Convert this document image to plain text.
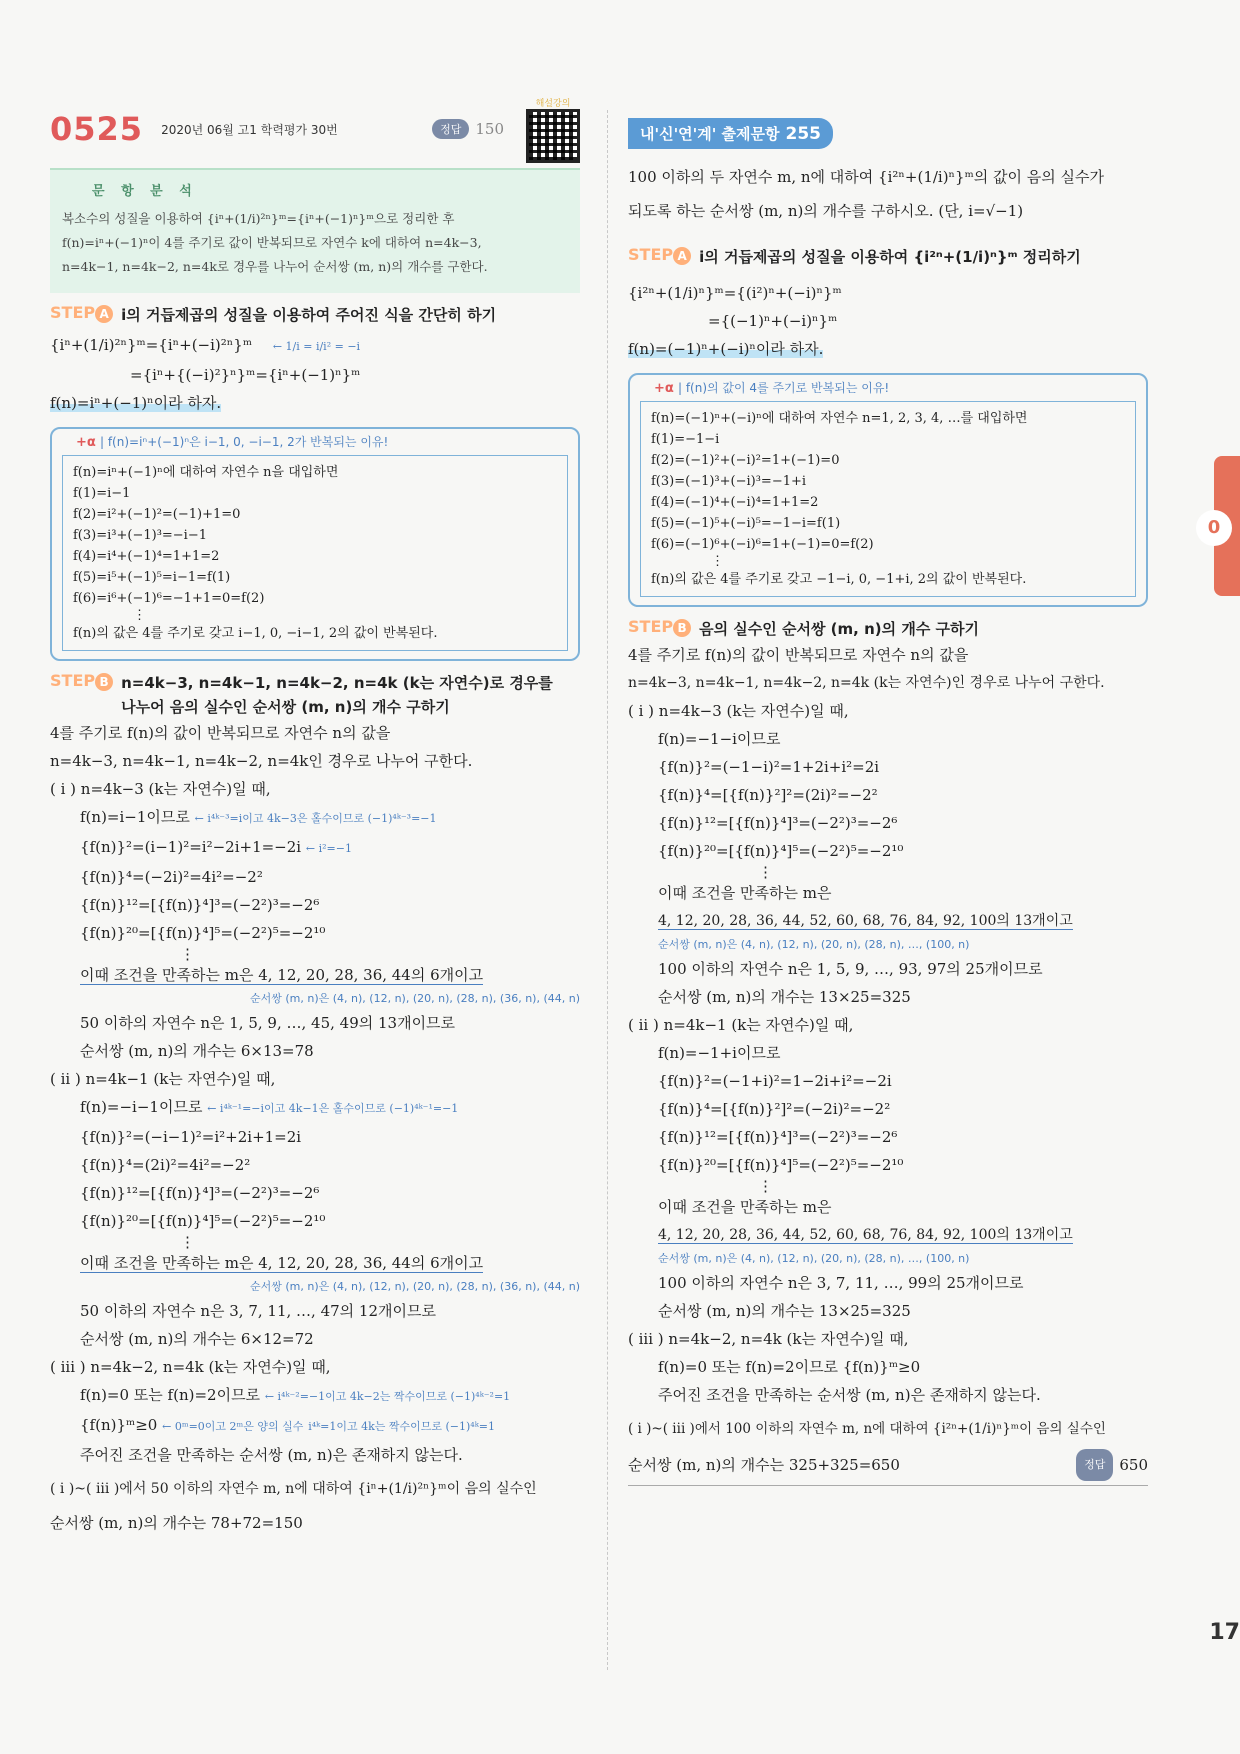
0525 2020년 06월 고1 학력평가 30번	정답 150
해설강의
문 항 분 석
복소수의 성질을 이용하여 {iⁿ+(1/i)²ⁿ}ᵐ={iⁿ+(−1)ⁿ}ᵐ으로 정리한 후
f(n)=iⁿ+(−1)ⁿ이 4를 주기로 값이 반복되므로 자연수 k에 대하여 n=4k−3,
n=4k−1, n=4k−2, n=4k로 경우를 나누어 순서쌍 (m, n)의 개수를 구한다.
STEP A i의 거듭제곱의 성질을 이용하여 주어진 식을 간단히 하기
{iⁿ+(1/i)²ⁿ}ᵐ={iⁿ+(−i)²ⁿ}ᵐ ← 1/i = i/i² = −i
={iⁿ+{(−i)²}ⁿ}ᵐ={iⁿ+(−1)ⁿ}ᵐ
f(n)=iⁿ+(−1)ⁿ이라 하자.
+α | f(n)=iⁿ+(−1)ⁿ은 i−1, 0, −i−1, 2가 반복되는 이유!
f(n)=iⁿ+(−1)ⁿ에 대하여 자연수 n을 대입하면
f(1)=i−1
f(2)=i²+(−1)²=(−1)+1=0
f(3)=i³+(−1)³=−i−1
f(4)=i⁴+(−1)⁴=1+1=2
f(5)=i⁵+(−1)⁵=i−1=f(1)
f(6)=i⁶+(−1)⁶=−1+1=0=f(2)
⋮
f(n)의 값은 4를 주기로 갖고 i−1, 0, −i−1, 2의 값이 반복된다.
STEP B n=4k−3, n=4k−1, n=4k−2, n=4k (k는 자연수)로 경우를
나누어 음의 실수인 순서쌍 (m, n)의 개수 구하기
4를 주기로 f(n)의 값이 반복되므로 자연수 n의 값을
n=4k−3, n=4k−1, n=4k−2, n=4k인 경우로 나누어 구한다.
( i ) n=4k−3 (k는 자연수)일 때,
f(n)=i−1이므로 ← i⁴ᵏ⁻³=i이고 4k−3은 홀수이므로 (−1)⁴ᵏ⁻³=−1
{f(n)}²=(i−1)²=i²−2i+1=−2i ← i²=−1
{f(n)}⁴=(−2i)²=4i²=−2²
{f(n)}¹²=[{f(n)}⁴]³=(−2²)³=−2⁶
{f(n)}²⁰=[{f(n)}⁴]⁵=(−2²)⁵=−2¹⁰
⋮
이때 조건을 만족하는 m은 4, 12, 20, 28, 36, 44의 6개이고
순서쌍 (m, n)은 (4, n), (12, n), (20, n), (28, n), (36, n), (44, n)
50 이하의 자연수 n은 1, 5, 9, …, 45, 49의 13개이므로
순서쌍 (m, n)의 개수는 6×13=78
( ii ) n=4k−1 (k는 자연수)일 때,
f(n)=−i−1이므로 ← i⁴ᵏ⁻¹=−i이고 4k−1은 홀수이므로 (−1)⁴ᵏ⁻¹=−1
{f(n)}²=(−i−1)²=i²+2i+1=2i
{f(n)}⁴=(2i)²=4i²=−2²
{f(n)}¹²=[{f(n)}⁴]³=(−2²)³=−2⁶
{f(n)}²⁰=[{f(n)}⁴]⁵=(−2²)⁵=−2¹⁰
⋮
이때 조건을 만족하는 m은 4, 12, 20, 28, 36, 44의 6개이고
순서쌍 (m, n)은 (4, n), (12, n), (20, n), (28, n), (36, n), (44, n)
50 이하의 자연수 n은 3, 7, 11, …, 47의 12개이므로
순서쌍 (m, n)의 개수는 6×12=72
( iii ) n=4k−2, n=4k (k는 자연수)일 때,
f(n)=0 또는 f(n)=2이므로 ← i⁴ᵏ⁻²=−1이고 4k−2는 짝수이므로 (−1)⁴ᵏ⁻²=1
{f(n)}ᵐ≥0 ← 0ᵐ=0이고 2ᵐ은 양의 실수 i⁴ᵏ=1이고 4k는 짝수이므로 (−1)⁴ᵏ=1
주어진 조건을 만족하는 순서쌍 (m, n)은 존재하지 않는다.
( i )~( iii )에서 50 이하의 자연수 m, n에 대하여 {iⁿ+(1/i)²ⁿ}ᵐ이 음의 실수인
순서쌍 (m, n)의 개수는 78+72=150
내'신'연'계' 출제문항 255
100 이하의 두 자연수 m, n에 대하여 {i²ⁿ+(1/i)ⁿ}ᵐ의 값이 음의 실수가
되도록 하는 순서쌍 (m, n)의 개수를 구하시오. (단, i=√−1)
STEP A i의 거듭제곱의 성질을 이용하여 {i²ⁿ+(1/i)ⁿ}ᵐ 정리하기
{i²ⁿ+(1/i)ⁿ}ᵐ={(i²)ⁿ+(−i)ⁿ}ᵐ
={(−1)ⁿ+(−i)ⁿ}ᵐ
f(n)=(−1)ⁿ+(−i)ⁿ이라 하자.
+α | f(n)의 값이 4를 주기로 반복되는 이유!
f(n)=(−1)ⁿ+(−i)ⁿ에 대하여 자연수 n=1, 2, 3, 4, …를 대입하면
f(1)=−1−i
f(2)=(−1)²+(−i)²=1+(−1)=0
f(3)=(−1)³+(−i)³=−1+i
f(4)=(−1)⁴+(−i)⁴=1+1=2
f(5)=(−1)⁵+(−i)⁵=−1−i=f(1)
f(6)=(−1)⁶+(−i)⁶=1+(−1)=0=f(2)
⋮
f(n)의 값은 4를 주기로 갖고 −1−i, 0, −1+i, 2의 값이 반복된다.
STEP B 음의 실수인 순서쌍 (m, n)의 개수 구하기
4를 주기로 f(n)의 값이 반복되므로 자연수 n의 값을
n=4k−3, n=4k−1, n=4k−2, n=4k (k는 자연수)인 경우로 나누어 구한다.
( i ) n=4k−3 (k는 자연수)일 때,
f(n)=−1−i이므로
{f(n)}²=(−1−i)²=1+2i+i²=2i
{f(n)}⁴=[{f(n)}²]²=(2i)²=−2²
{f(n)}¹²=[{f(n)}⁴]³=(−2²)³=−2⁶
{f(n)}²⁰=[{f(n)}⁴]⁵=(−2²)⁵=−2¹⁰
⋮
이때 조건을 만족하는 m은
4, 12, 20, 28, 36, 44, 52, 60, 68, 76, 84, 92, 100의 13개이고
순서쌍 (m, n)은 (4, n), (12, n), (20, n), (28, n), …, (100, n)
100 이하의 자연수 n은 1, 5, 9, …, 93, 97의 25개이므로
순서쌍 (m, n)의 개수는 13×25=325
( ii ) n=4k−1 (k는 자연수)일 때,
f(n)=−1+i이므로
{f(n)}²=(−1+i)²=1−2i+i²=−2i
{f(n)}⁴=[{f(n)}²]²=(−2i)²=−2²
{f(n)}¹²=[{f(n)}⁴]³=(−2²)³=−2⁶
{f(n)}²⁰=[{f(n)}⁴]⁵=(−2²)⁵=−2¹⁰
⋮
이때 조건을 만족하는 m은
4, 12, 20, 28, 36, 44, 52, 60, 68, 76, 84, 92, 100의 13개이고
순서쌍 (m, n)은 (4, n), (12, n), (20, n), (28, n), …, (100, n)
100 이하의 자연수 n은 3, 7, 11, …, 99의 25개이므로
순서쌍 (m, n)의 개수는 13×25=325
( iii ) n=4k−2, n=4k (k는 자연수)일 때,
f(n)=0 또는 f(n)=2이므로 {f(n)}ᵐ≥0
주어진 조건을 만족하는 순서쌍 (m, n)은 존재하지 않는다.
( i )~( iii )에서 100 이하의 자연수 m, n에 대하여 {i²ⁿ+(1/i)ⁿ}ᵐ이 음의 실수인
순서쌍 (m, n)의 개수는 325+325=650	정답 650
0
17
